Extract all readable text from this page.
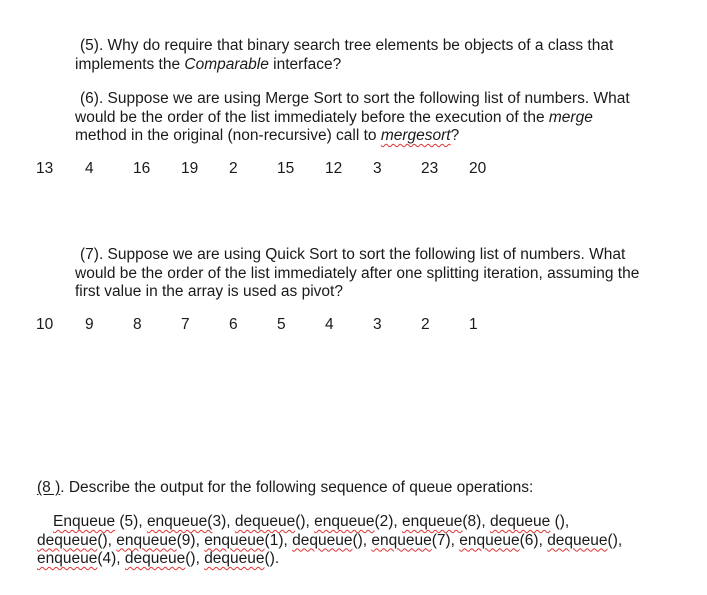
(5). Why do require that binary search tree elements be objects of a class that
implements the Comparable interface?
(6). Suppose we are using Merge Sort to sort the following list of numbers. What
would be the order of the list immediately before the execution of the merge
method in the original (non-recursive) call to mergesort?
13 4	16 19 2	15 12 3	23 20
(7). Suppose we are using Quick Sort to sort the following list of numbers. What
would be the order of the list immediately after one splitting iteration, assuming the
first value in the array is used as pivot?
10 9	8	7	6	5	4	3	2	1
(8 ). Describe the output for the following sequence of queue operations:
Enqueue (5), enqueue(3), dequeue(), enqueue(2), enqueue(8), dequeue (),
dequeue(), enqueue(9), enqueue(1), dequeue(), enqueue(7), enqueue(6), dequeue(),
enqueue(4), dequeue(), dequeue().
